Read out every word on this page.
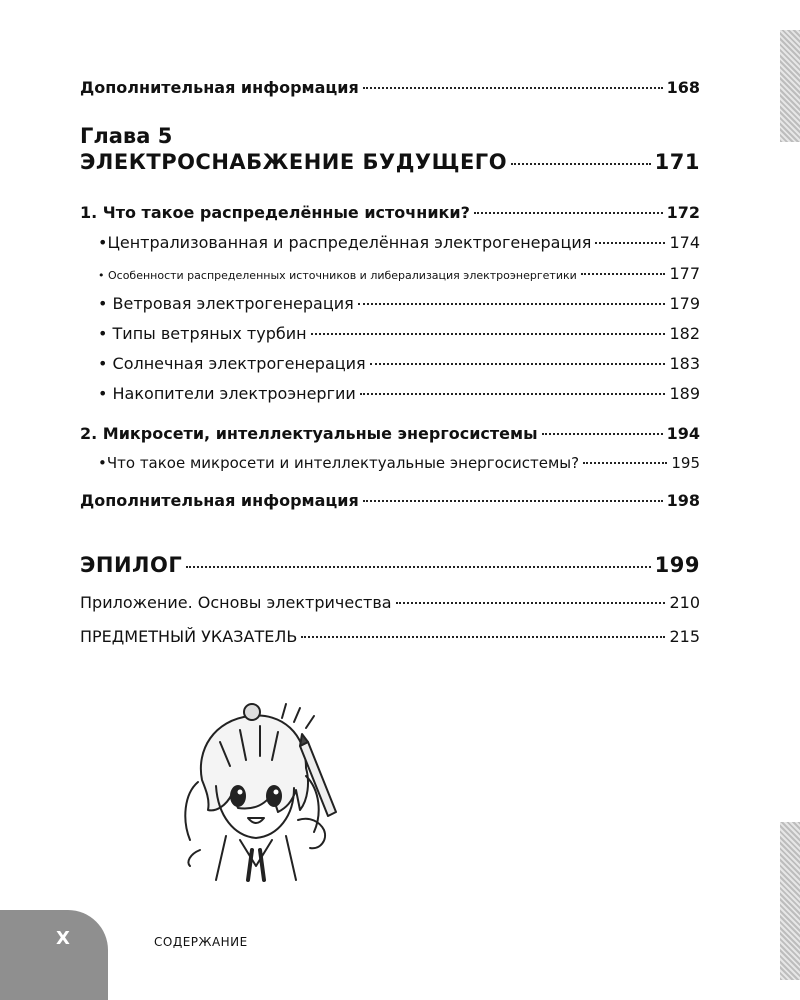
Дополнительная информация	168
Глава 5
ЭЛЕКТРОСНАБЖЕНИЕ БУДУЩЕГО	171
1. Что такое распределённые источники?	172
•Централизованная и распределённая электрогенерация	174
• Особенности распределенных источников и либерализация электроэнергетики	177
• Ветровая электрогенерация	179
• Типы ветряных турбин	182
• Солнечная электрогенерация	183
• Накопители электроэнергии	189
2. Микросети, интеллектуальные энергосистемы	194
•Что такое микросети и интеллектуальные энергосистемы?	195
Дополнительная информация	198
ЭПИЛОГ	199
Приложение. Основы электричества	210
ПРЕДМЕТНЫЙ УКАЗАТЕЛЬ	215
X	СОДЕРЖАНИЕ
